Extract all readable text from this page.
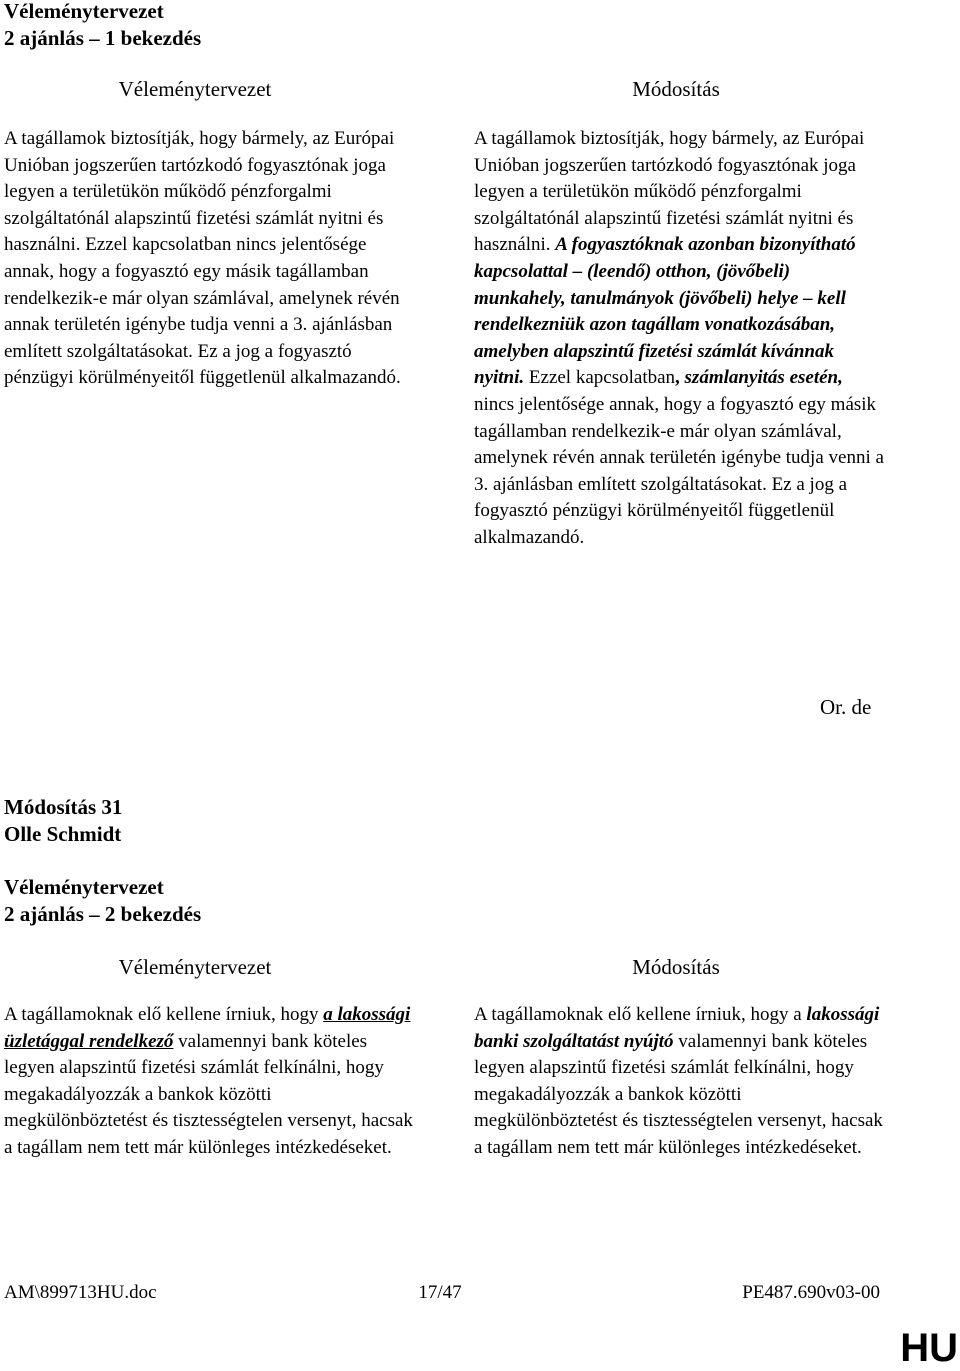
Véleménytervezet
2 ajánlás – 1 bekezdés
Véleménytervezet	Módosítás
A tagállamok biztosítják, hogy bármely, az Európai Unióban jogszerűen tartózkodó fogyasztónak joga legyen a területükön működő pénzforgalmi szolgáltatónál alapszintű fizetési számlát nyitni és használni. Ezzel kapcsolatban nincs jelentősége annak, hogy a fogyasztó egy másik tagállamban rendelkezik-e már olyan számlával, amelynek révén annak területén igénybe tudja venni a 3. ajánlásban említett szolgáltatásokat. Ez a jog a fogyasztó pénzügyi körülményeitől függetlenül alkalmazandó.
A tagállamok biztosítják, hogy bármely, az Európai Unióban jogszerűen tartózkodó fogyasztónak joga legyen a területükön működő pénzforgalmi szolgáltatónál alapszintű fizetési számlát nyitni és használni. A fogyasztóknak azonban bizonyítható kapcsolattal – (leendő) otthon, (jövőbeli) munkahely, tanulmányok (jövőbeli) helye – kell rendelkezniük azon tagállam vonatkozásában, amelyben alapszintű fizetési számlát kívánnak nyitni. Ezzel kapcsolatban, számlanyitás esetén, nincs jelentősége annak, hogy a fogyasztó egy másik tagállamban rendelkezik-e már olyan számlával, amelynek révén annak területén igénybe tudja venni a 3. ajánlásban említett szolgáltatásokat. Ez a jog a fogyasztó pénzügyi körülményeitől függetlenül alkalmazandó.
Or. de
Módosítás 31
Olle Schmidt
Véleménytervezet
2 ajánlás – 2 bekezdés
Véleménytervezet	Módosítás
A tagállamoknak elő kellene írniuk, hogy a lakossági üzletággal rendelkező valamennyi bank köteles legyen alapszintű fizetési számlát felkínálni, hogy megakadályozzák a bankok közötti megkülönböztetést és tisztességtelen versenyt, hacsak a tagállam nem tett már különleges intézkedéseket.
A tagállamoknak elő kellene írniuk, hogy a lakossági banki szolgáltatást nyújtó valamennyi bank köteles legyen alapszintű fizetési számlát felkínálni, hogy megakadályozzák a bankok közötti megkülönböztetést és tisztességtelen versenyt, hacsak a tagállam nem tett már különleges intézkedéseket.
AM\899713HU.doc	17/47	PE487.690v03-00
HU
